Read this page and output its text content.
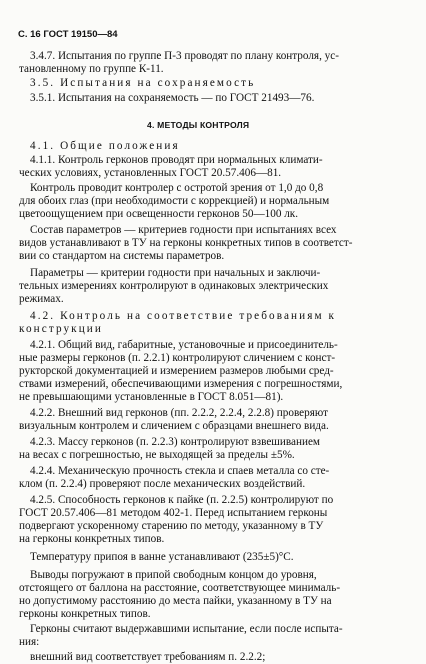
С. 16 ГОСТ 19150—84
3.4.7. Испытания по группе П-3 проводят по плану контроля, ус-
тановленному по группе К-11.
3.5. Испытания на сохраняемость
3.5.1. Испытания на сохраняемость — по ГОСТ 21493—76.
4. МЕТОДЫ КОНТРОЛЯ
4.1. Общие положения
4.1.1. Контроль герконов проводят при нормальных климати-
ческих условиях, установленных ГОСТ 20.57.406—81.
Контроль проводит контролер с остротой зрения от 1,0 до 0,8
для обоих глаз (при необходимости с коррекцией) и нормальным
цветоощущением при освещенности герконов 50—100 лк.
Состав параметров — критериев годности при испытаниях всех
видов устанавливают в ТУ на герконы конкретных типов в соответст-
вии со стандартом на системы параметров.
Параметры — критерии годности при начальных и заключи-
тельных измерениях контролируют в одинаковых электрических
режимах.
4.2. Контроль на соответствие требованиям к
конструкции
4.2.1. Общий вид, габаритные, установочные и присоединитель-
ные размеры герконов (п. 2.2.1) контролируют сличением с конст-
рукторской документацией и измерением размеров любыми сред-
ствами измерений, обеспечивающими измерения с погрешностями,
не превышающими установленные в ГОСТ 8.051—81).
4.2.2. Внешний вид герконов (пп. 2.2.2, 2.2.4, 2.2.8) проверяют
визуальным контролем и сличением с образцами внешнего вида.
4.2.3. Массу герконов (п. 2.2.3) контролируют взвешиванием
на весах с погрешностью, не выходящей за пределы ±5%.
4.2.4. Механическую прочность стекла и спаев металла со сте-
клом (п. 2.2.4) проверяют после механических воздействий.
4.2.5. Способность герконов к пайке (п. 2.2.5) контролируют по
ГОСТ 20.57.406—81 методом 402-1. Перед испытанием герконы
подвергают ускоренному старению по методу, указанному в ТУ
на герконы конкретных типов.
Температуру припоя в ванне устанавливают (235±5)°С.
Выводы погружают в припой свободным концом до уровня,
отстоящего от баллона на расстояние, соответствующее минималь-
но допустимому расстоянию до места пайки, указанному в ТУ на
герконы конкретных типов.
Герконы считают выдержавшими испытание, если после испыта-
ния:
внешний вид соответствует требованиям п. 2.2.2;
